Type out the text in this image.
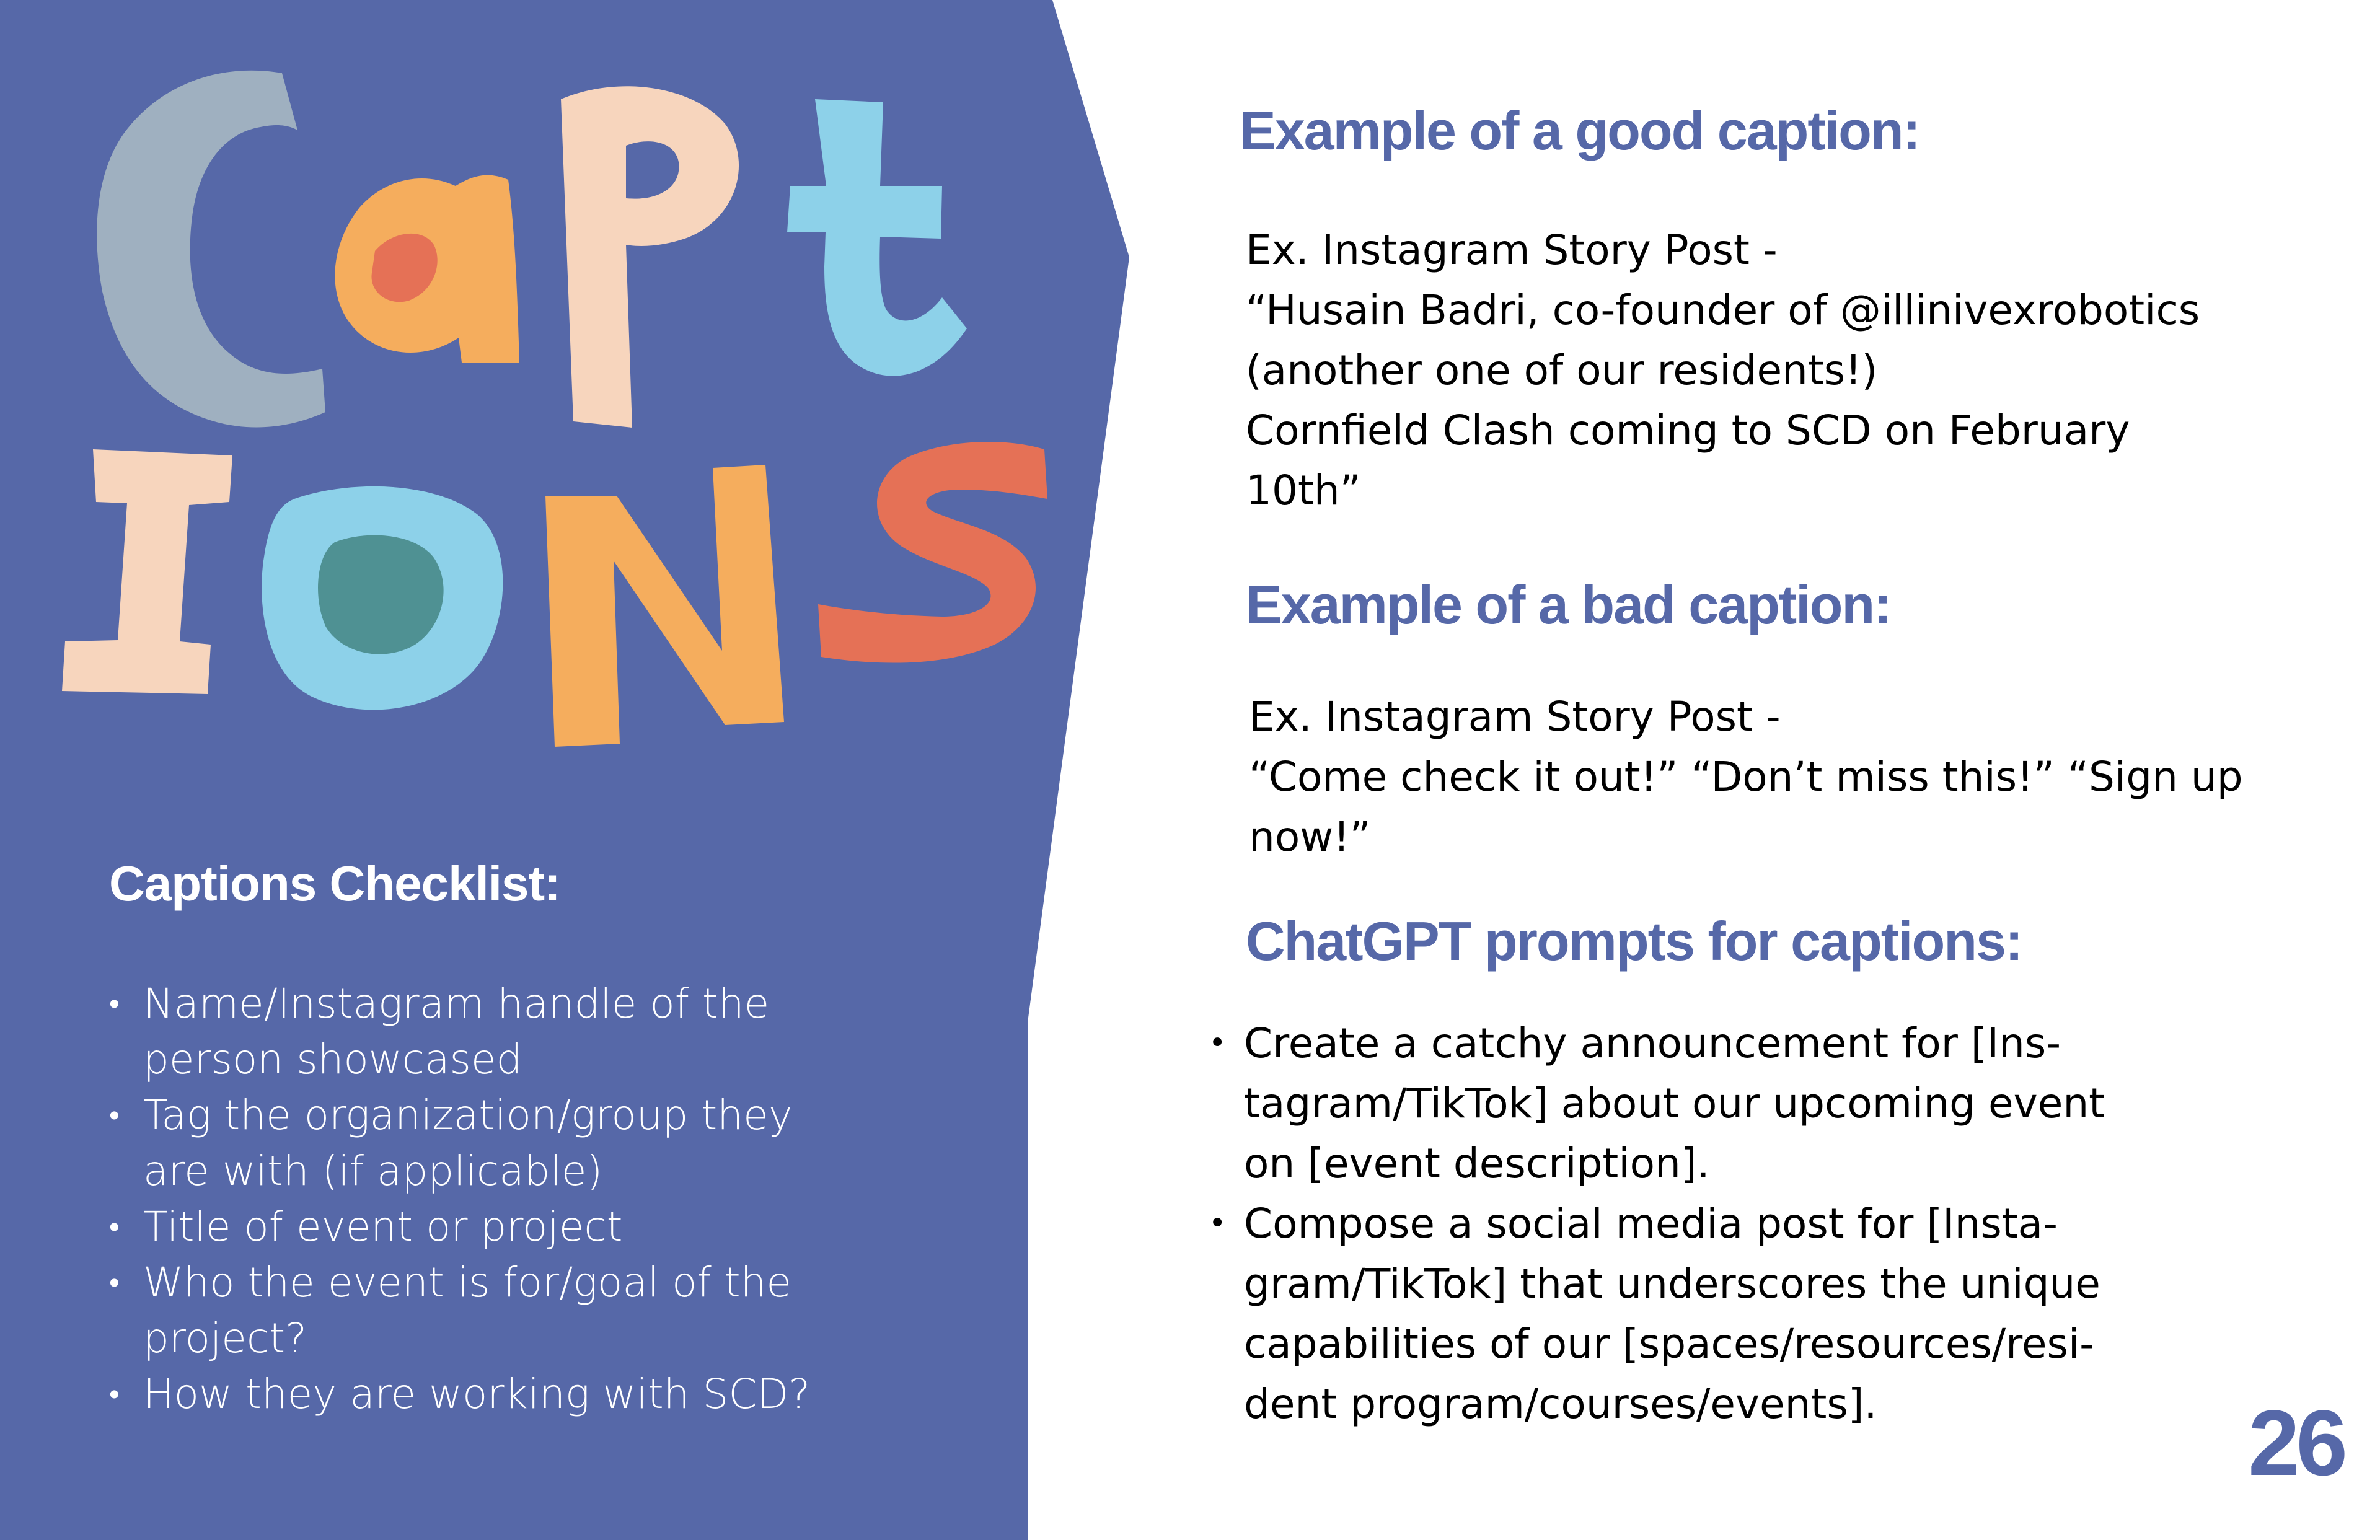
Captions Checklist:
• Name/Instagram handle of the
person showcased
• Tag the organization/group they
are with (if applicable)
• Title of event or project
• Who the event is for/goal of the
project?
• How they are working with SCD?
Example of a good caption:
Ex. Instagram Story Post -
“Husain Badri, co-founder of @illinivexrobotics
(another one of our residents!)
Cornfield Clash coming to SCD on February
10th”
Example of a bad caption:
Ex. Instagram Story Post -
“Come check it out!” “Don’t miss this!” “Sign up
now!”
ChatGPT prompts for captions:
• Create a catchy announcement for [Ins-
tagram/TikTok] about our upcoming event
on [event description].
• Compose a social media post for [Insta-
gram/TikTok] that underscores the unique
capabilities of our [spaces/resources/resi-
dent program/courses/events].	26
